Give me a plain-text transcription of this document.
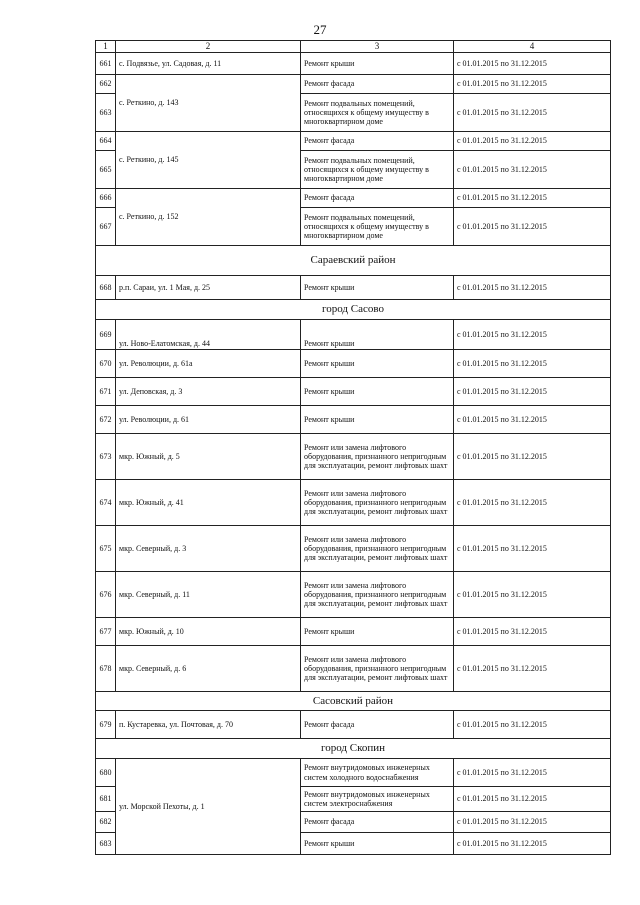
27
1	2	3	4
661	с. Подвязье, ул. Садовая, д. 11	Ремонт крыши	с 01.01.2015 по 31.12.2015
662	с. Реткино, д. 143	Ремонт фасада	с 01.01.2015 по 31.12.2015
663		Ремонт подвальных помещений, относящихся к общему имуществу в многоквартирном доме	с 01.01.2015 по 31.12.2015
664	с. Реткино, д. 145	Ремонт фасада	с 01.01.2015 по 31.12.2015
665		Ремонт подвальных помещений, относящихся к общему имуществу в многоквартирном доме	с 01.01.2015 по 31.12.2015
666	с. Реткино, д. 152	Ремонт фасада	с 01.01.2015 по 31.12.2015
667		Ремонт подвальных помещений, относящихся к общему имуществу в многоквартирном доме	с 01.01.2015 по 31.12.2015
Сараевский район			
668	р.п. Сараи, ул. 1 Мая, д. 25	Ремонт крыши	с 01.01.2015 по 31.12.2015
город Сасово			
669	ул. Ново-Елатомская, д. 44	Ремонт крыши	с 01.01.2015 по 31.12.2015
670	ул. Революции, д. 61а	Ремонт крыши	с 01.01.2015 по 31.12.2015
671	ул. Деповская, д. 3	Ремонт крыши	с 01.01.2015 по 31.12.2015
672	ул. Революции, д. 61	Ремонт крыши	с 01.01.2015 по 31.12.2015
673	мкр. Южный, д. 5	Ремонт или замена лифтового оборудования, признанного непригодным для эксплуатации, ремонт лифтовых шахт	с 01.01.2015 по 31.12.2015
674	мкр. Южный, д. 41	Ремонт или замена лифтового оборудования, признанного непригодным для эксплуатации, ремонт лифтовых шахт	с 01.01.2015 по 31.12.2015
675	мкр. Северный, д. 3	Ремонт или замена лифтового оборудования, признанного непригодным для эксплуатации, ремонт лифтовых шахт	с 01.01.2015 по 31.12.2015
676	мкр. Северный, д. 11	Ремонт или замена лифтового оборудования, признанного непригодным для эксплуатации, ремонт лифтовых шахт	с 01.01.2015 по 31.12.2015
677	мкр. Южный, д. 10	Ремонт крыши	с 01.01.2015 по 31.12.2015
678	мкр. Северный, д. 6	Ремонт или замена лифтового оборудования, признанного непригодным для эксплуатации, ремонт лифтовых шахт	с 01.01.2015 по 31.12.2015
Сасовский район			
679	п. Кустаревка, ул. Почтовая, д. 70	Ремонт фасада	с 01.01.2015 по 31.12.2015
город Скопин			
680	ул. Морской Пехоты, д. 1	Ремонт внутридомовых инженерных систем холодного водоснабжения	с 01.01.2015 по 31.12.2015
681		Ремонт внутридомовых инженерных систем электроснабжения	с 01.01.2015 по 31.12.2015
682		Ремонт фасада	с 01.01.2015 по 31.12.2015
683		Ремонт крыши	с 01.01.2015 по 31.12.2015
